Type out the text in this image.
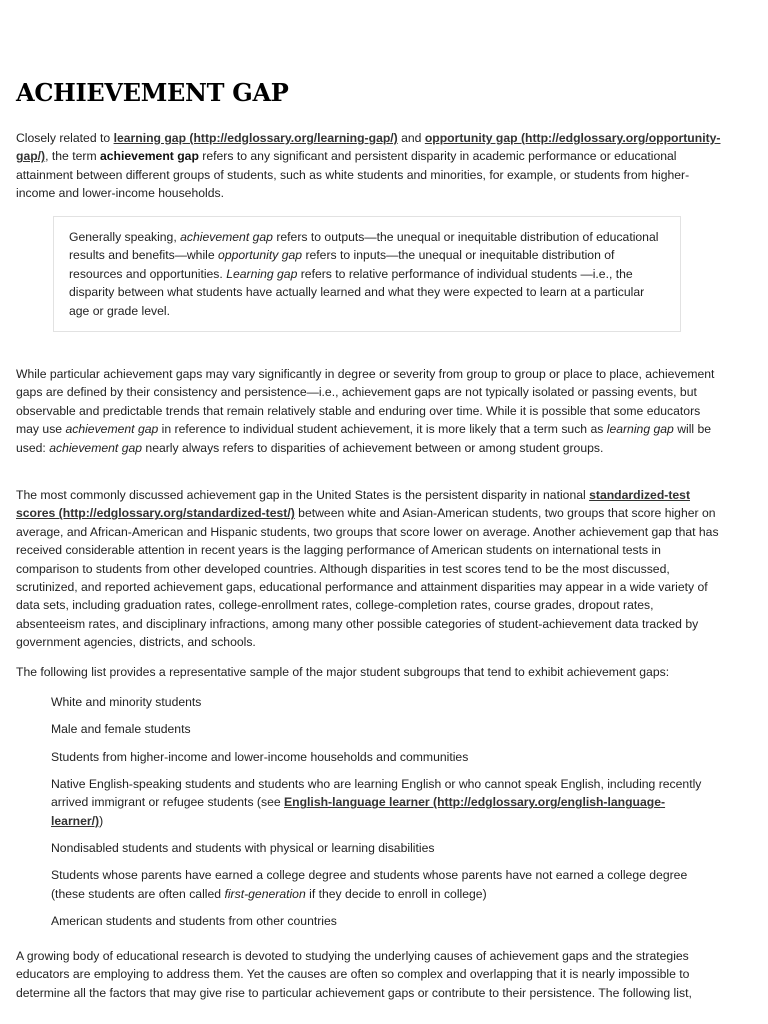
ACHIEVEMENT GAP

Closely related to learning gap (http://edglossary.org/learning-gap/) and opportunity gap (http://edglossary.org/opportunity-gap/), the term achievement gap refers to any significant and persistent disparity in academic performance or educational attainment between different groups of students, such as white students and minorities, for example, or students from higher-income and lower-income households.

Generally speaking, achievement gap refers to outputs—the unequal or inequitable distribution of educational results and benefits—while opportunity gap refers to inputs—the unequal or inequitable distribution of resources and opportunities. Learning gap refers to relative performance of individual students —i.e., the disparity between what students have actually learned and what they were expected to learn at a particular age or grade level.

While particular achievement gaps may vary significantly in degree or severity from group to group or place to place, achievement gaps are defined by their consistency and persistence—i.e., achievement gaps are not typically isolated or passing events, but observable and predictable trends that remain relatively stable and enduring over time. While it is possible that some educators may use achievement gap in reference to individual student achievement, it is more likely that a term such as learning gap will be used: achievement gap nearly always refers to disparities of achievement between or among student groups.

The most commonly discussed achievement gap in the United States is the persistent disparity in national standardized-test scores (http://edglossary.org/standardized-test/) between white and Asian-American students, two groups that score higher on average, and African-American and Hispanic students, two groups that score lower on average. Another achievement gap that has received considerable attention in recent years is the lagging performance of American students on international tests in comparison to students from other developed countries. Although disparities in test scores tend to be the most discussed, scrutinized, and reported achievement gaps, educational performance and attainment disparities may appear in a wide variety of data sets, including graduation rates, college-enrollment rates, college-completion rates, course grades, dropout rates, absenteeism rates, and disciplinary infractions, among many other possible categories of student-achievement data tracked by government agencies, districts, and schools.

The following list provides a representative sample of the major student subgroups that tend to exhibit achievement gaps:

White and minority students
Male and female students
Students from higher-income and lower-income households and communities
Native English-speaking students and students who are learning English or who cannot speak English, including recently arrived immigrant or refugee students (see English-language learner (http://edglossary.org/english-language-learner/))
Nondisabled students and students with physical or learning disabilities
Students whose parents have earned a college degree and students whose parents have not earned a college degree (these students are often called first-generation if they decide to enroll in college)
American students and students from other countries

A growing body of educational research is devoted to studying the underlying causes of achievement gaps and the strategies educators are employing to address them. Yet the causes are often so complex and overlapping that it is nearly impossible to determine all the factors that may give rise to particular achievement gaps or contribute to their persistence. The following list,
